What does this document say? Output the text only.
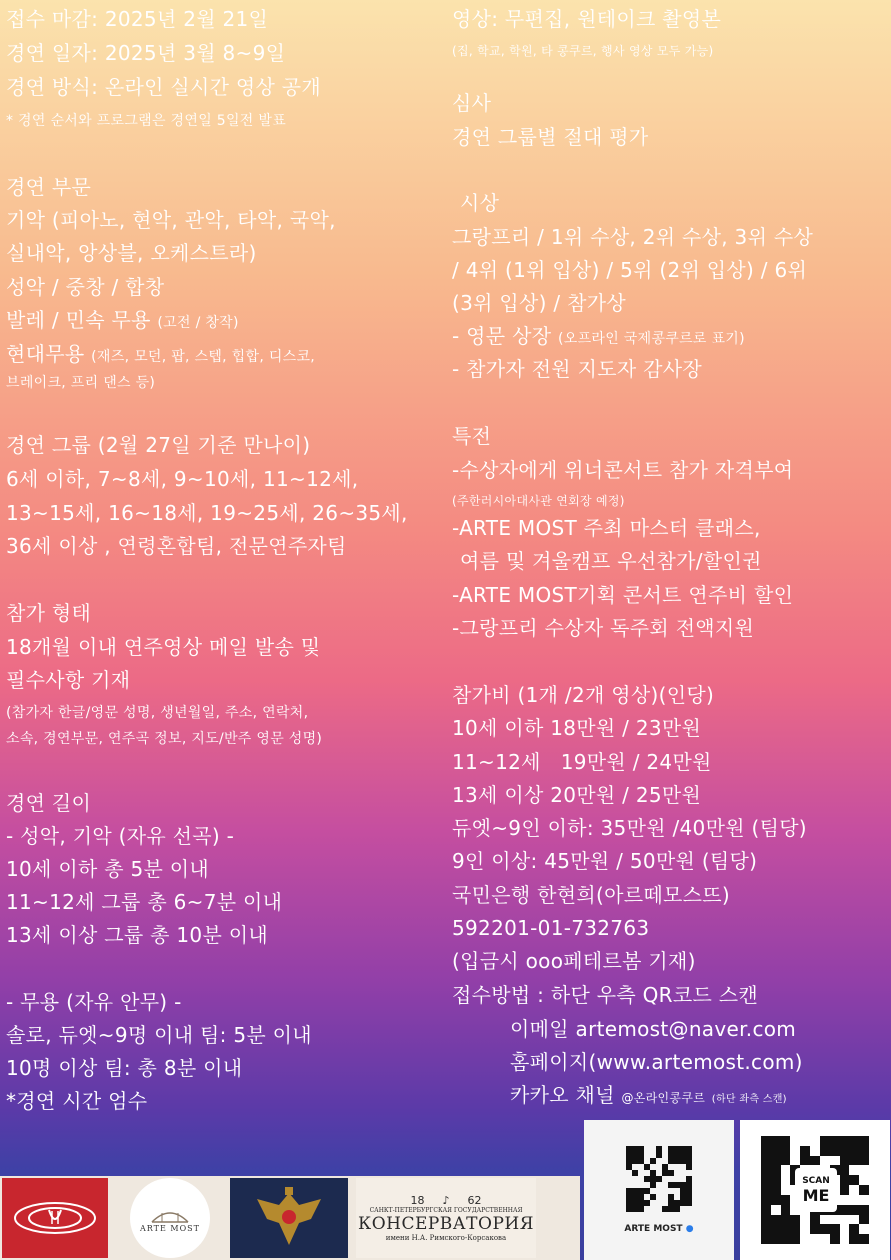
접수 마감: 2025년 2월 21일
경연 일자: 2025년 3월 8~9일
경연 방식: 온라인 실시간 영상 공개
* 경연 순서와 프로그램은 경연일 5일전 발표
경연 부문
기악 (피아노, 현악, 관악, 타악, 국악,
실내악, 앙상블, 오케스트라)
성악 / 중창 / 합창
발레 / 민속 무용 (고전 / 창작)
현대무용 (재즈, 모던, 팝, 스텝, 힙합, 디스코,
브레이크, 프리 댄스 등)
경연 그룹 (2월 27일 기준 만나이)
6세 이하, 7~8세, 9~10세, 11~12세,
13~15세, 16~18세, 19~25세, 26~35세,
36세 이상 , 연령혼합팀, 전문연주자팀
참가 형태
18개월 이내 연주영상 메일 발송 및
필수사항 기재
(참가자 한글/영문 성명, 생년월일, 주소, 연락처,
소속, 경연부문, 연주곡 정보, 지도/반주 영문 성명)
경연 길이
- 성악, 기악 (자유 선곡) -
10세 이하 총 5분 이내
11~12세 그룹 총 6~7분 이내
13세 이상 그룹 총 10분 이내
- 무용 (자유 안무) -
솔로, 듀엣~9명 이내 팀: 5분 이내
10명 이상 팀: 총 8분 이내
*경연 시간 엄수
영상: 무편집, 원테이크 촬영본
(집, 학교, 학원, 타 콩쿠르, 행사 영상 모두 가능)
심사
경연 그룹별 절대 평가
시상
그랑프리 / 1위 수상, 2위 수상, 3위 수상
/ 4위 (1위 입상) / 5위 (2위 입상) / 6위
(3위 입상) / 참가상
- 영문 상장 (오프라인 국제콩쿠르로 표기)
- 참가자 전원 지도자 감사장
특전
-수상자에게 위너콘서트 참가 자격부여
(주한러시아대사관 연회장 예정)
-ARTE MOST 주최 마스터 클래스,
여름 및 겨울캠프 우선참가/할인권
-ARTE MOST기획 콘서트 연주비 할인
-그랑프리 수상자 독주회 전액지원
참가비 (1개 /2개 영상)(인당)
10세 이하 18만원 / 23만원
11~12세   19만원 / 24만원
13세 이상 20만원 / 25만원
듀엣~9인 이하: 35만원 /40만원 (팀당)
9인 이상: 45만원 / 50만원 (팀당)
국민은행 한현희(아르떼모스뜨)
592201-01-732763
(입금시 ooo페테르봄 기재)
접수방법 : 하단 우측 QR코드 스캔
이메일 artemost@naver.com
홈페이지(www.artemost.com)
카카오 채널 @온라인콩쿠르 (하단 좌측 스캔)
ARTE MOST
18 ♪ 62
САНКТ-ПЕТЕРБУРГСКАЯ ГОСУДАРСТВЕННАЯ
КОНСЕРВАТОРИЯ
имени Н.А. Римского-Корсакова
ARTE MOST ●
SCAN
ME
